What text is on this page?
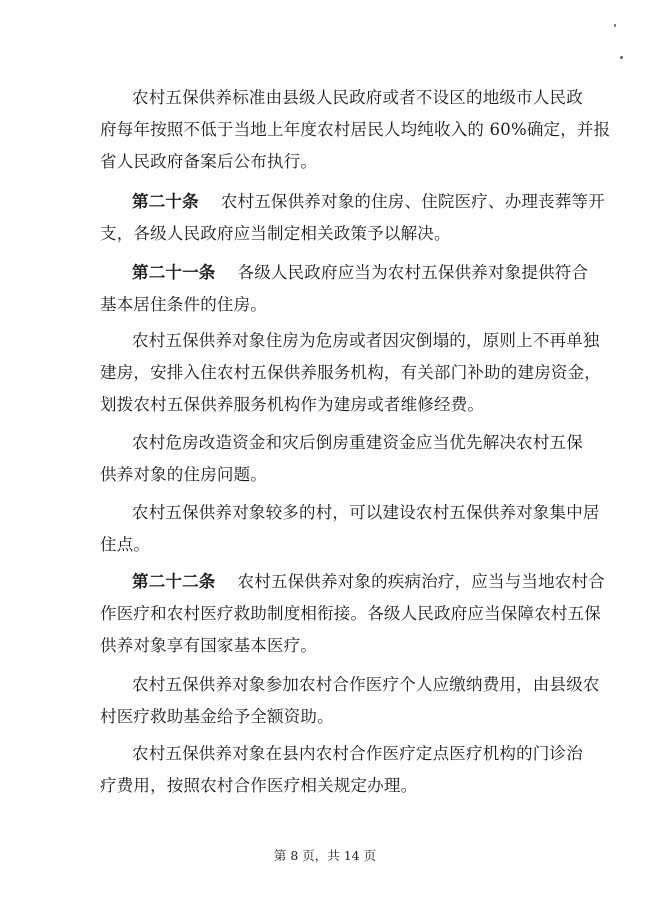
农村五保供养标准由县级人民政府或者不设区的地级市人民政
府每年按照不低于当地上年度农村居民人均纯收入的 60%确定，并报
省人民政府备案后公布执行。
第二十条 农村五保供养对象的住房、住院医疗、办理丧葬等开
支，各级人民政府应当制定相关政策予以解决。
第二十一条 各级人民政府应当为农村五保供养对象提供符合
基本居住条件的住房。
农村五保供养对象住房为危房或者因灾倒塌的，原则上不再单独
建房，安排入住农村五保供养服务机构，有关部门补助的建房资金，
划拨农村五保供养服务机构作为建房或者维修经费。
农村危房改造资金和灾后倒房重建资金应当优先解决农村五保
供养对象的住房问题。
农村五保供养对象较多的村，可以建设农村五保供养对象集中居
住点。
第二十二条 农村五保供养对象的疾病治疗，应当与当地农村合
作医疗和农村医疗救助制度相衔接。各级人民政府应当保障农村五保
供养对象享有国家基本医疗。
农村五保供养对象参加农村合作医疗个人应缴纳费用，由县级农
村医疗救助基金给予全额资助。
农村五保供养对象在县内农村合作医疗定点医疗机构的门诊治
疗费用，按照农村合作医疗相关规定办理。
第 8 页，共 14 页
